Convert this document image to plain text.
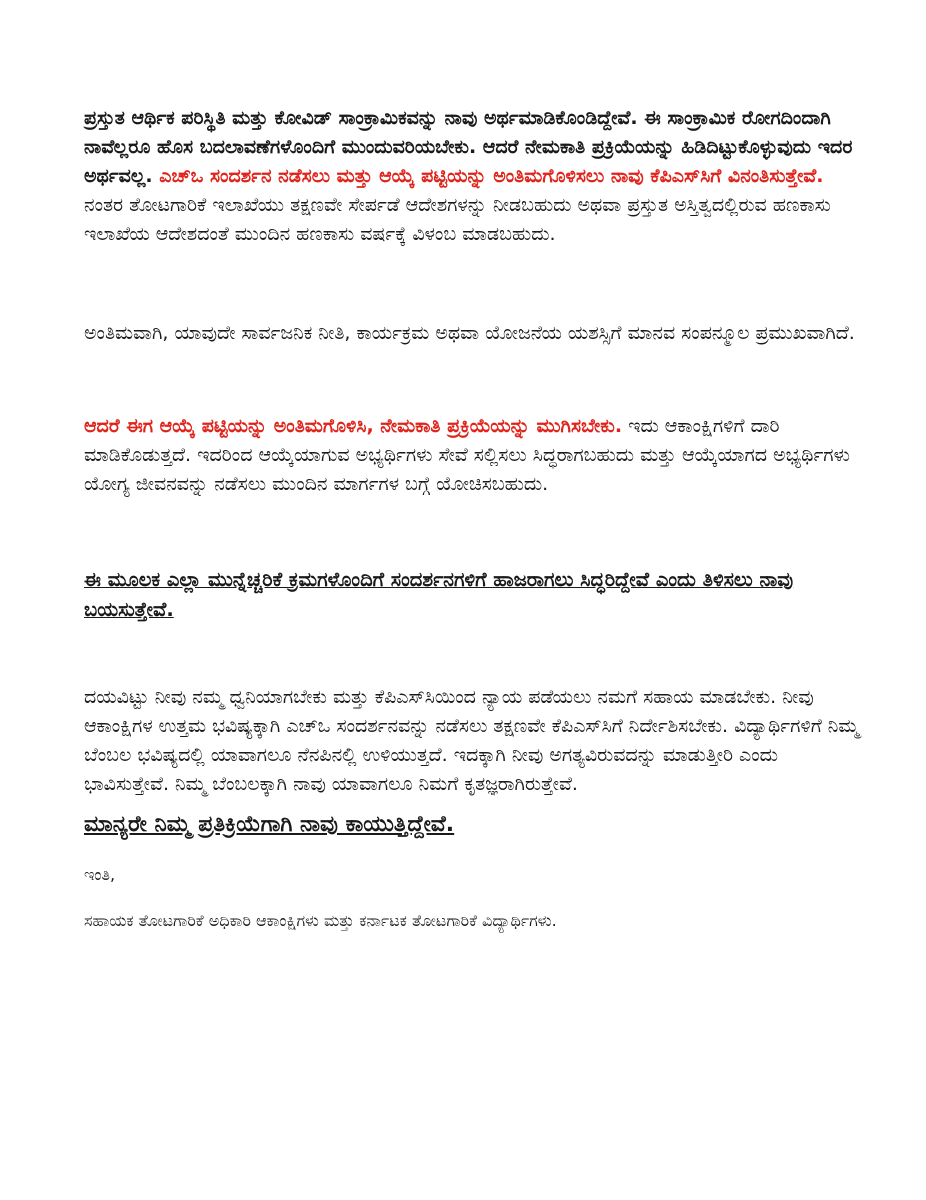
ಪ್ರಸ್ತುತ ಆರ್ಥಿಕ ಪರಿಸ್ಥಿತಿ ಮತ್ತು ಕೋವಿಡ್ ಸಾಂಕ್ರಾಮಿಕವನ್ನು ನಾವು ಅರ್ಥಮಾಡಿಕೊಂಡಿದ್ದೇವೆ. ಈ ಸಾಂಕ್ರಾಮಿಕ ರೋಗದಿಂದಾಗಿ ನಾವೆಲ್ಲರೂ ಹೊಸ ಬದಲಾವಣೆಗಳೊಂದಿಗೆ ಮುಂದುವರಿಯಬೇಕು. ಆದರೆ ನೇಮಕಾತಿ ಪ್ರಕ್ರಿಯೆಯನ್ನು ಹಿಡಿದಿಟ್ಟುಕೊಳ್ಳುವುದು ಇದರ ಅರ್ಥವಲ್ಲ. ಎಚ್ಒ ಸಂದರ್ಶನ ನಡೆಸಲು ಮತ್ತು ಆಯ್ಕೆ ಪಟ್ಟಿಯನ್ನು ಅಂತಿಮಗೊಳಿಸಲು ನಾವು ಕೆಪಿಎಸ್‌ಸಿಗೆ ವಿನಂತಿಸುತ್ತೇವೆ. ನಂತರ ತೋಟಗಾರಿಕೆ ಇಲಾಖೆಯು ತಕ್ಷಣವೇ ಸೇರ್ಪಡೆ ಆದೇಶಗಳನ್ನು ನೀಡಬಹುದು ಅಥವಾ ಪ್ರಸ್ತುತ ಅಸ್ತಿತ್ವದಲ್ಲಿರುವ ಹಣಕಾಸು ಇಲಾಖೆಯ ಆದೇಶದಂತೆ ಮುಂದಿನ ಹಣಕಾಸು ವರ್ಷಕ್ಕೆ ವಿಳಂಬ ಮಾಡಬಹುದು.

ಅಂತಿಮವಾಗಿ, ಯಾವುದೇ ಸಾರ್ವಜನಿಕ ನೀತಿ, ಕಾರ್ಯಕ್ರಮ ಅಥವಾ ಯೋಜನೆಯ ಯಶಸ್ಸಿಗೆ ಮಾನವ ಸಂಪನ್ಮೂಲ ಪ್ರಮುಖವಾಗಿದೆ.

ಆದರೆ ಈಗ ಆಯ್ಕೆ ಪಟ್ಟಿಯನ್ನು ಅಂತಿಮಗೊಳಿಸಿ, ನೇಮಕಾತಿ ಪ್ರಕ್ರಿಯೆಯನ್ನು ಮುಗಿಸಬೇಕು. ಇದು ಆಕಾಂಕ್ಷಿಗಳಿಗೆ ದಾರಿ ಮಾಡಿಕೊಡುತ್ತದೆ. ಇದರಿಂದ ಆಯ್ಕೆಯಾಗುವ ಅಭ್ಯರ್ಥಿಗಳು ಸೇವೆ ಸಲ್ಲಿಸಲು ಸಿದ್ಧರಾಗಬಹುದು ಮತ್ತು ಆಯ್ಕೆಯಾಗದ ಅಭ್ಯರ್ಥಿಗಳು ಯೋಗ್ಯ ಜೀವನವನ್ನು ನಡೆಸಲು ಮುಂದಿನ ಮಾರ್ಗಗಳ ಬಗ್ಗೆ ಯೋಚಿಸಬಹುದು.

ಈ ಮೂಲಕ ಎಲ್ಲಾ ಮುನ್ನೆಚ್ಚರಿಕೆ ಕ್ರಮಗಳೊಂದಿಗೆ ಸಂದರ್ಶನಗಳಿಗೆ ಹಾಜರಾಗಲು ಸಿದ್ಧರಿದ್ದೇವೆ ಎಂದು ತಿಳಿಸಲು ನಾವು ಬಯಸುತ್ತೇವೆ.

ದಯವಿಟ್ಟು ನೀವು ನಮ್ಮ ಧ್ವನಿಯಾಗಬೇಕು ಮತ್ತು ಕೆಪಿಎಸ್‌ಸಿಯಿಂದ ನ್ಯಾಯ ಪಡೆಯಲು ನಮಗೆ ಸಹಾಯ ಮಾಡಬೇಕು. ನೀವು ಆಕಾಂಕ್ಷಿಗಳ ಉತ್ತಮ ಭವಿಷ್ಯಕ್ಕಾಗಿ ಎಚ್ಒ ಸಂದರ್ಶನವನ್ನು ನಡೆಸಲು ತಕ್ಷಣವೇ ಕೆಪಿಎಸ್‌ಸಿಗೆ ನಿರ್ದೇಶಿಸಬೇಕು. ವಿದ್ಯಾರ್ಥಿಗಳಿಗೆ ನಿಮ್ಮ ಬೆಂಬಲ ಭವಿಷ್ಯದಲ್ಲಿ ಯಾವಾಗಲೂ ನೆನಪಿನಲ್ಲಿ ಉಳಿಯುತ್ತದೆ. ಇದಕ್ಕಾಗಿ ನೀವು ಅಗತ್ಯವಿರುವದನ್ನು ಮಾಡುತ್ತೀರಿ ಎಂದು ಭಾವಿಸುತ್ತೇವೆ. ನಿಮ್ಮ ಬೆಂಬಲಕ್ಕಾಗಿ ನಾವು ಯಾವಾಗಲೂ ನಿಮಗೆ ಕೃತಜ್ಞರಾಗಿರುತ್ತೇವೆ.

ಮಾನ್ಯರೇ ನಿಮ್ಮ ಪ್ರತಿಕ್ರಿಯೆಗಾಗಿ ನಾವು ಕಾಯುತ್ತಿದ್ದೇವೆ.

ಇಂತಿ,

ಸಹಾಯಕ ತೋಟಗಾರಿಕೆ ಅಧಿಕಾರಿ ಆಕಾಂಕ್ಷಿಗಳು ಮತ್ತು ಕರ್ನಾಟಕ ತೋಟಗಾರಿಕೆ ವಿದ್ಯಾರ್ಥಿಗಳು.
